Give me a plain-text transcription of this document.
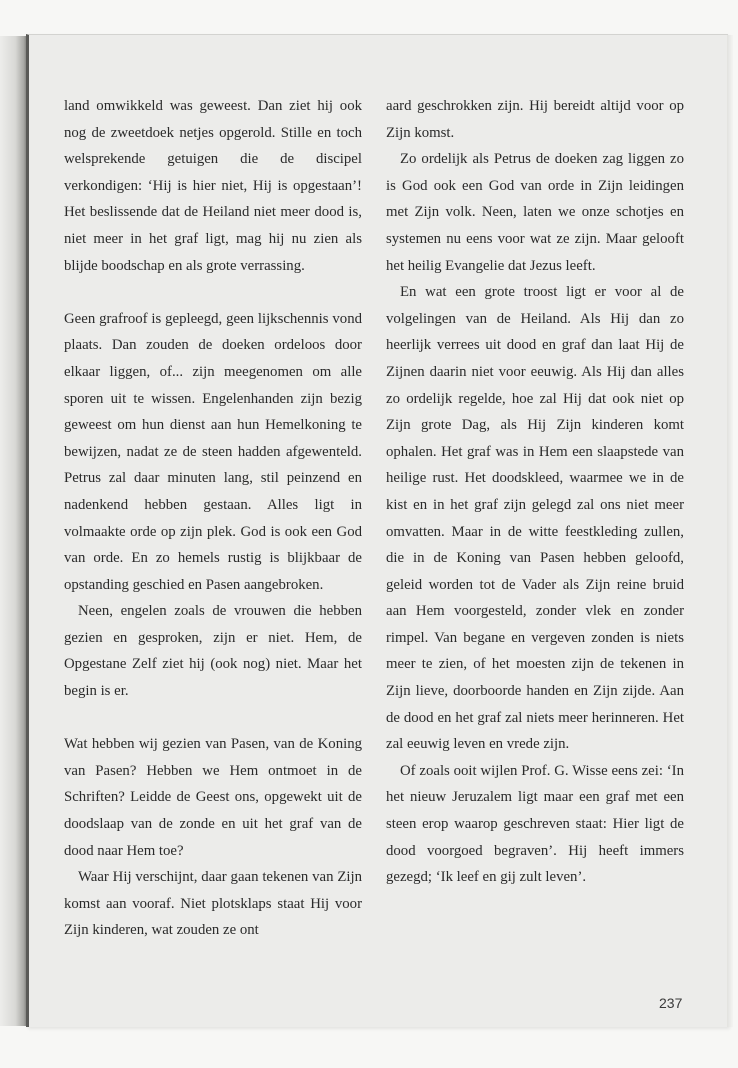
land omwikkeld was geweest. Dan ziet hij ook nog de zweetdoek netjes opgerold. Stille en toch welsprekende getuigen die de discipel verkondigen: ‘Hij is hier niet, Hij is opgestaan’! Het beslissende dat de Heiland niet meer dood is, niet meer in het graf ligt, mag hij nu zien als blijde boodschap en als grote verrassing.

Geen grafroof is gepleegd, geen lijkschennis vond plaats. Dan zouden de doeken ordeloos door elkaar liggen, of... zijn meegenomen om alle sporen uit te wissen. Engelenhanden zijn bezig geweest om hun dienst aan hun Hemelkoning te bewijzen, nadat ze de steen hadden afgewenteld. Petrus zal daar minuten lang, stil peinzend en nadenkend hebben gestaan. Alles ligt in volmaakte orde op zijn plek. God is ook een God van orde. En zo hemels rustig is blijkbaar de opstanding geschied en Pasen aangebroken.

Neen, engelen zoals de vrouwen die hebben gezien en gesproken, zijn er niet. Hem, de Opgestane Zelf ziet hij (ook nog) niet. Maar het begin is er.

Wat hebben wij gezien van Pasen, van de Koning van Pasen? Hebben we Hem ontmoet in de Schriften? Leidde de Geest ons, opgewekt uit de doodslaap van de zonde en uit het graf van de dood naar Hem toe?

Waar Hij verschijnt, daar gaan tekenen van Zijn komst aan vooraf. Niet plotsklaps staat Hij voor Zijn kinderen, wat zouden ze ont

aard geschrokken zijn. Hij bereidt altijd voor op Zijn komst.

Zo ordelijk als Petrus de doeken zag liggen zo is God ook een God van orde in Zijn leidingen met Zijn volk. Neen, laten we onze schotjes en systemen nu eens voor wat ze zijn. Maar gelooft het heilig Evangelie dat Jezus leeft.

En wat een grote troost ligt er voor al de volgelingen van de Heiland. Als Hij dan zo heerlijk verrees uit dood en graf dan laat Hij de Zijnen daarin niet voor eeuwig. Als Hij dan alles zo ordelijk regelde, hoe zal Hij dat ook niet op Zijn grote Dag, als Hij Zijn kinderen komt ophalen. Het graf was in Hem een slaapstede van heilige rust. Het doodskleed, waarmee we in de kist en in het graf zijn gelegd zal ons niet meer omvatten. Maar in de witte feestkleding zullen, die in de Koning van Pasen hebben geloofd, geleid worden tot de Vader als Zijn reine bruid aan Hem voorgesteld, zonder vlek en zonder rimpel. Van begane en vergeven zonden is niets meer te zien, of het moesten zijn de tekenen in Zijn lieve, doorboorde handen en Zijn zijde. Aan de dood en het graf zal niets meer herinneren. Het zal eeuwig leven en vrede zijn.

Of zoals ooit wijlen Prof. G. Wisse eens zei: ‘In het nieuw Jeruzalem ligt maar een graf met een steen erop waarop geschreven staat: Hier ligt de dood voorgoed begraven’. Hij heeft immers gezegd; ‘Ik leef en gij zult leven’.

237
